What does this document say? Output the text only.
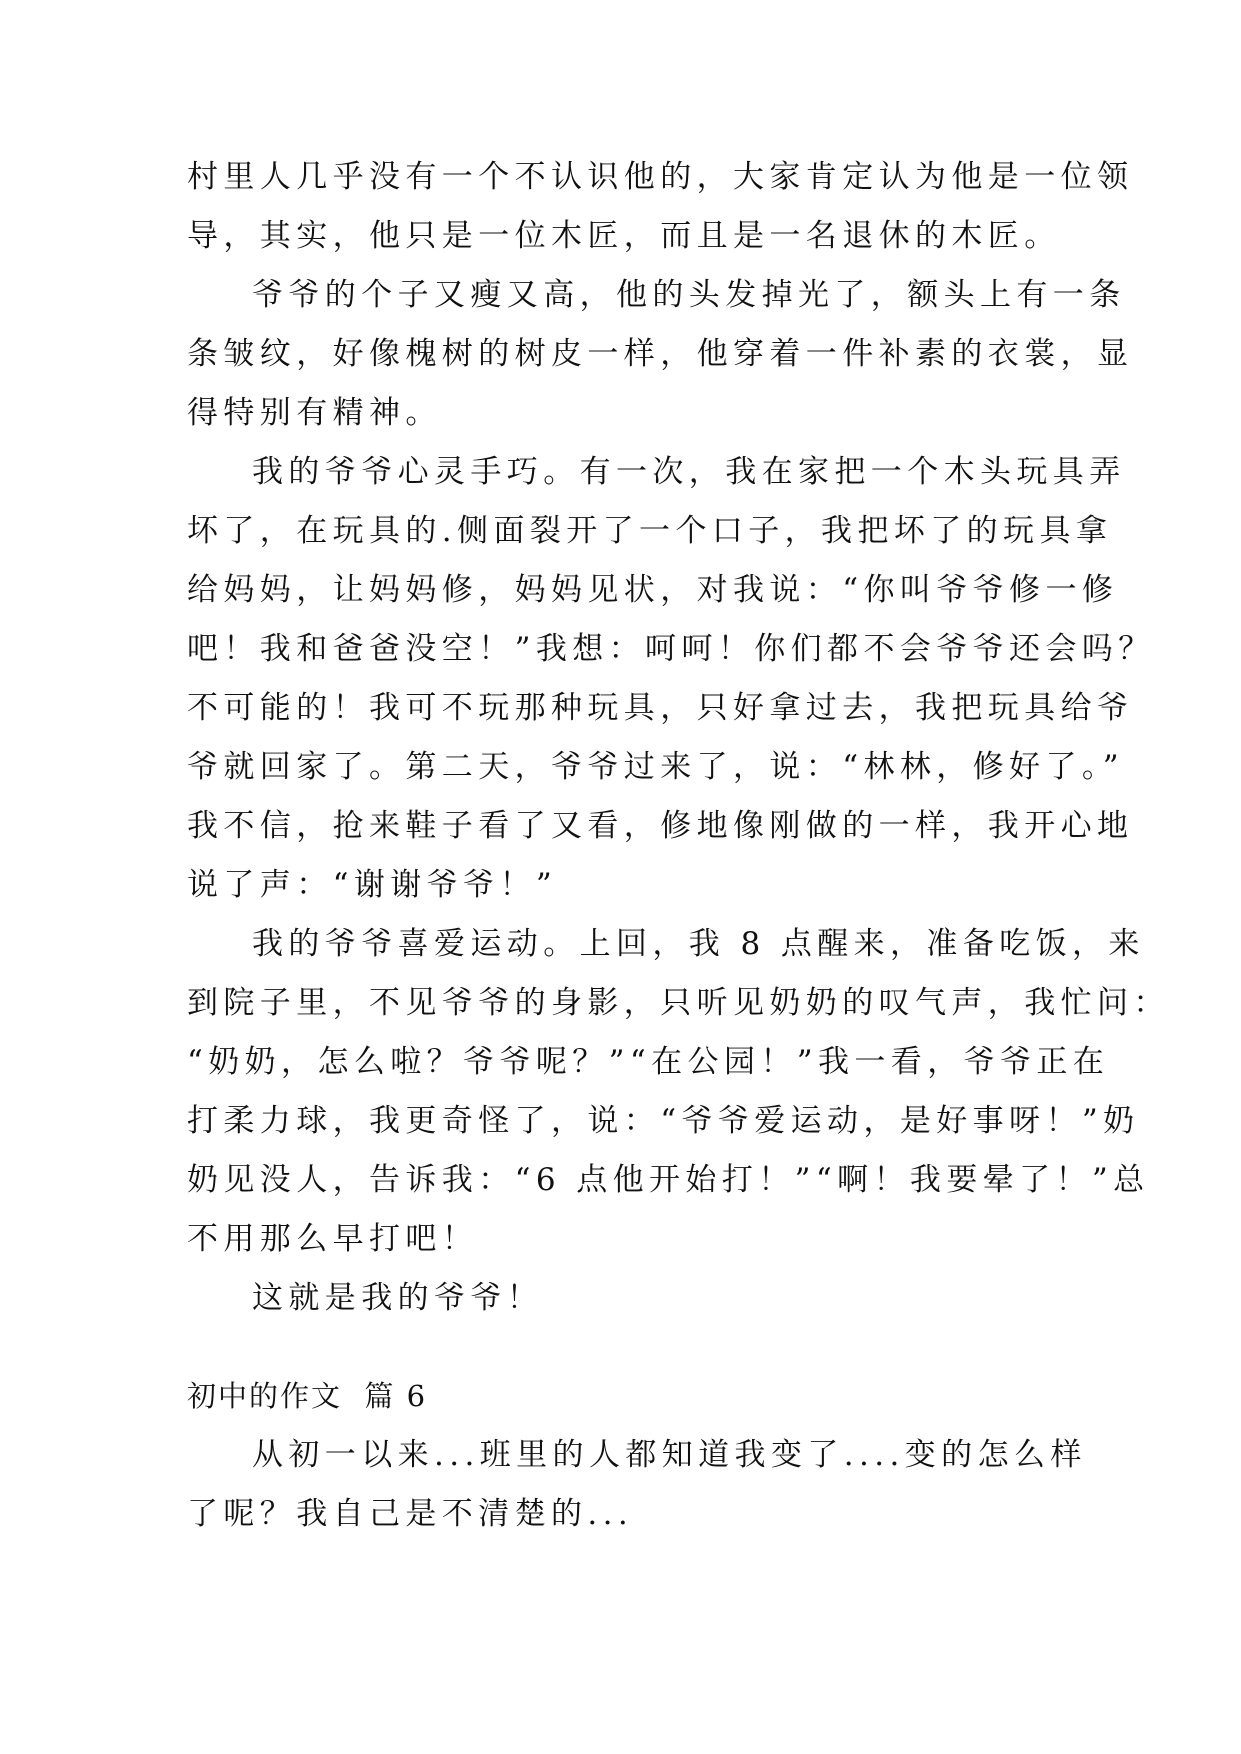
村里人几乎没有一个不认识他的，大家肯定认为他是一位领
导，其实，他只是一位木匠，而且是一名退休的木匠。
爷爷的个子又瘦又高，他的头发掉光了，额头上有一条
条皱纹，好像槐树的树皮一样，他穿着一件补素的衣裳，显
得特别有精神。
我的爷爷心灵手巧。有一次，我在家把一个木头玩具弄
坏了，在玩具的.侧面裂开了一个口子，我把坏了的玩具拿
给妈妈，让妈妈修，妈妈见状，对我说：“你叫爷爷修一修
吧！我和爸爸没空！”我想：呵呵！你们都不会爷爷还会吗？
不可能的！我可不玩那种玩具，只好拿过去，我把玩具给爷
爷就回家了。第二天，爷爷过来了，说：“林林，修好了。”
我不信，抢来鞋子看了又看，修地像刚做的一样，我开心地
说了声：“谢谢爷爷！”
我的爷爷喜爱运动。上回，我 8 点醒来，准备吃饭，来
到院子里，不见爷爷的身影，只听见奶奶的叹气声，我忙问：
“奶奶，怎么啦？爷爷呢？”“在公园！”我一看，爷爷正在
打柔力球，我更奇怪了，说：“爷爷爱运动，是好事呀！”奶
奶见没人，告诉我：“6 点他开始打！”“啊！我要晕了！”总
不用那么早打吧！
这就是我的爷爷！
初中的作文  篇 6
从初一以来...班里的人都知道我变了....变的怎么样
了呢？我自己是不清楚的...
